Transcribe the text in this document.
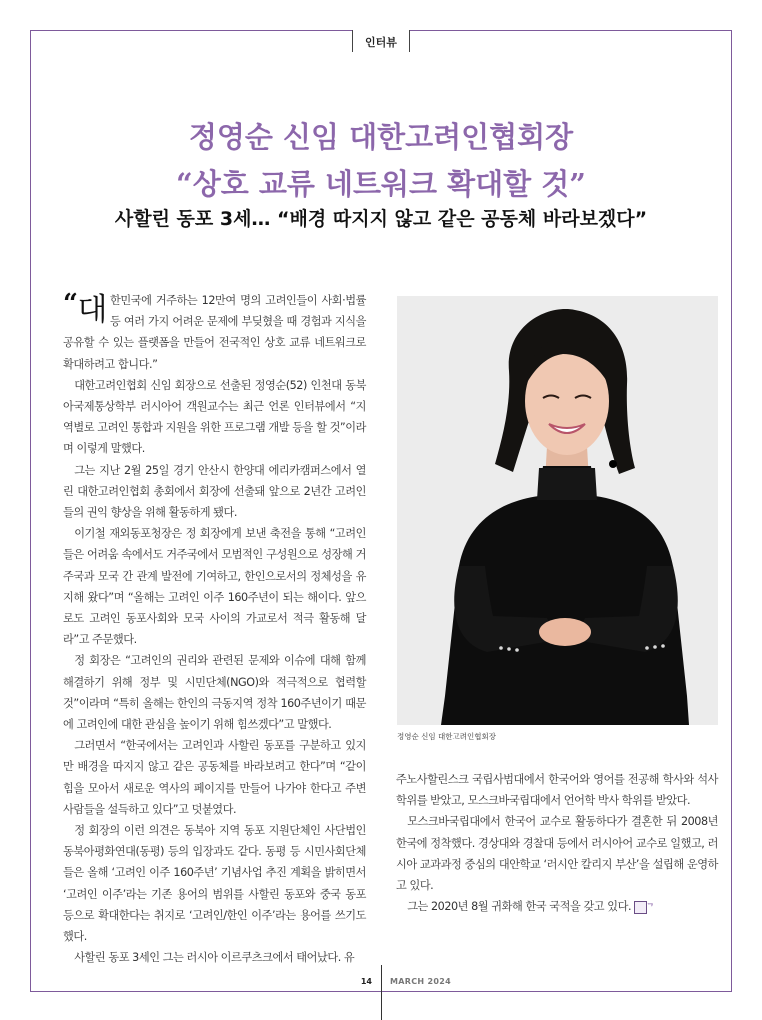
인터뷰
정영순 신임 대한고려인협회장
“상호 교류 네트워크 확대할 것”
사할린 동포 3세… “배경 따지지 않고 같은 공동체 바라보겠다”

“대 한민국에 거주하는 12만여 명의 고려인들이 사회·법률 등 여러 가지 어려운 문제에 부딪혔을 때 경험과 지식을 공유할 수 있는 플랫폼을 만들어 전국적인 상호 교류 네트워크로 확대하려고 합니다.”

대한고려인협회 신임 회장으로 선출된 정영순(52) 인천대 동북아국제통상학부 러시아어 객원교수는 최근 언론 인터뷰에서 “지역별로 고려인 통합과 지원을 위한 프로그램 개발 등을 할 것”이라며 이렇게 말했다.

그는 지난 2월 25일 경기 안산시 한양대 에리카캠퍼스에서 열린 대한고려인협회 총회에서 회장에 선출돼 앞으로 2년간 고려인들의 권익 향상을 위해 활동하게 됐다.

이기철 재외동포청장은 정 회장에게 보낸 축전을 통해 “고려인들은 어려움 속에서도 거주국에서 모범적인 구성원으로 성장해 거주국과 모국 간 관계 발전에 기여하고, 한인으로서의 정체성을 유지해 왔다”며 “올해는 고려인 이주 160주년이 되는 해이다. 앞으로도 고려인 동포사회와 모국 사이의 가교로서 적극 활동해 달라”고 주문했다.

정 회장은 “고려인의 권리와 관련된 문제와 이슈에 대해 함께 해결하기 위해 정부 및 시민단체(NGO)와 적극적으로 협력할 것”이라며 “특히 올해는 한인의 극동지역 정착 160주년이기 때문에 고려인에 대한 관심을 높이기 위해 힘쓰겠다”고 말했다.

그러면서 “한국에서는 고려인과 사할린 동포를 구분하고 있지만 배경을 따지지 않고 같은 공동체를 바라보려고 한다”며 “같이 힘을 모아서 새로운 역사의 페이지를 만들어 나가야 한다고 주변 사람들을 설득하고 있다”고 덧붙였다.

정 회장의 이런 의견은 동북아 지역 동포 지원단체인 사단법인 동북아평화연대(동평) 등의 입장과도 같다. 동평 등 시민사회단체들은 올해 ‘고려인 이주 160주년’ 기념사업 추진 계획을 밝히면서 ‘고려인 이주’라는 기존 용어의 범위를 사할린 동포와 중국 동포 등으로 확대한다는 취지로 ‘고려인/한인 이주’라는 용어를 쓰기도 했다.

사할린 동포 3세인 그는 러시아 이르쿠츠크에서 태어났다. 유

정영순 신임 대한고려인협회장

주노사할린스크 국립사범대에서 한국어와 영어를 전공해 학사와 석사 학위를 받았고, 모스크바국립대에서 언어학 박사 학위를 받았다.

모스크바국립대에서 한국어 교수로 활동하다가 결혼한 뒤 2008년 한국에 정착했다. 경상대와 경찰대 등에서 러시아어 교수로 일했고, 러시아 교과과정 중심의 대안학교 ‘러시안 칼리지 부산’을 설립해 운영하고 있다.

그는 2020년 8월 귀화해 한국 국적을 갖고 있다. ᄀ

14 MARCH 2024
